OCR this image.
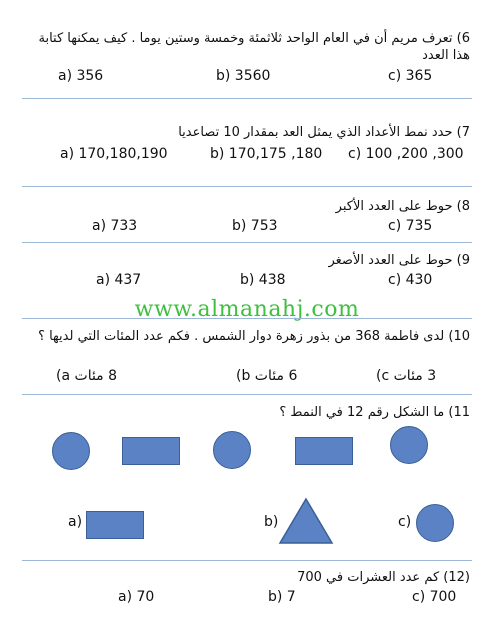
6) تعرف مريم أن في العام الواحد ثلاثمئة وخمسة وستين يوما . كيف يمكنها كتابة هذا العدد
a) 356	b) 3560	c) 365
7) حدد نمط الأعداد الذي يمثل العد بمقدار 10 تصاعديا
a) 170,180,190	b) 170,175 ,180 c) 100 ,200 ,300
8) حوط على العدد الأكبر
a) 733	b) 753	c) 735
9) حوط على العدد الأصغر
a) 437	b) 438	c) 430
www.almanahj.com
10) لدى فاطمة 368 من بذور زهرة دوار الشمس . فكم عدد المئات التي لديها ؟
8 مئات a)	6 مئات b)	3 مئات c)
11) ما الشكل رقم 12 في النمط ؟
a)	b)	c)
(12) كم عدد العشرات في 700
a) 70	b) 7	c) 700
